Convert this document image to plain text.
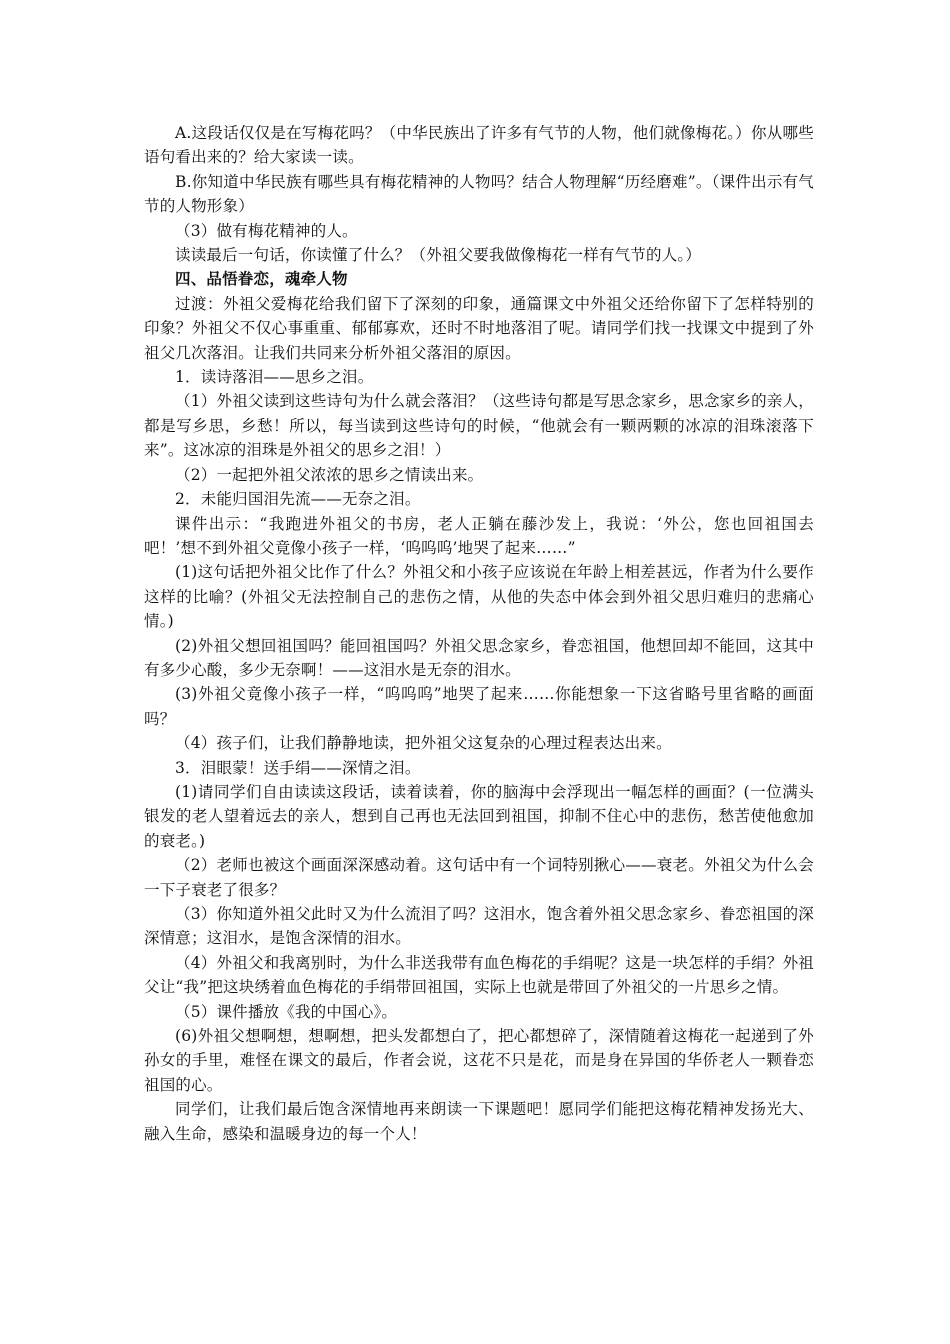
A.这段话仅仅是在写梅花吗？（中华民族出了许多有气节的人物，他们就像梅花。）你从哪些语句看出来的？给大家读一读。

B.你知道中华民族有哪些具有梅花精神的人物吗？结合人物理解“历经磨难”。（课件出示有气节的人物形象）

（3）做有梅花精神的人。

读读最后一句话，你读懂了什么？（外祖父要我做像梅花一样有气节的人。）

四、品悟眷恋，魂牵人物

过渡：外祖父爱梅花给我们留下了深刻的印象，通篇课文中外祖父还给你留下了怎样特别的印象？外祖父不仅心事重重、郁郁寡欢，还时不时地落泪了呢。请同学们找一找课文中提到了外祖父几次落泪。让我们共同来分析外祖父落泪的原因。

1．读诗落泪——思乡之泪。

（1）外祖父读到这些诗句为什么就会落泪？（这些诗句都是写思念家乡，思念家乡的亲人，都是写乡思，乡愁！所以，每当读到这些诗句的时候，“他就会有一颗两颗的冰凉的泪珠滚落下来”。这冰凉的泪珠是外祖父的思乡之泪！）

（2）一起把外祖父浓浓的思乡之情读出来。

2．未能归国泪先流——无奈之泪。

课件出示：“我跑进外祖父的书房，老人正躺在藤沙发上，我说：‘外公，您也回祖国去吧！’想不到外祖父竟像小孩子一样，‘呜呜呜’地哭了起来……”

(1)这句话把外祖父比作了什么？外祖父和小孩子应该说在年龄上相差甚远，作者为什么要作这样的比喻？(外祖父无法控制自己的悲伤之情，从他的失态中体会到外祖父思归难归的悲痛心情。)

(2)外祖父想回祖国吗？能回祖国吗？外祖父思念家乡，眷恋祖国，他想回却不能回，这其中有多少心酸，多少无奈啊！——这泪水是无奈的泪水。

(3)外祖父竟像小孩子一样，“呜呜呜”地哭了起来……你能想象一下这省略号里省略的画面吗？

（4）孩子们，让我们静静地读，把外祖父这复杂的心理过程表达出来。

3．泪眼蒙！送手绢——深情之泪。

(1)请同学们自由读读这段话，读着读着，你的脑海中会浮现出一幅怎样的画面？(一位满头银发的老人望着远去的亲人，想到自己再也无法回到祖国，抑制不住心中的悲伤，愁苦使他愈加的衰老。)

（2）老师也被这个画面深深感动着。这句话中有一个词特别揪心——衰老。外祖父为什么会一下子衰老了很多？

（3）你知道外祖父此时又为什么流泪了吗？这泪水，饱含着外祖父思念家乡、眷恋祖国的深深情意；这泪水，是饱含深情的泪水。

（4）外祖父和我离别时，为什么非送我带有血色梅花的手绢呢？这是一块怎样的手绢？外祖父让“我”把这块绣着血色梅花的手绢带回祖国，实际上也就是带回了外祖父的一片思乡之情。

（5）课件播放《我的中国心》。

(6)外祖父想啊想，想啊想，把头发都想白了，把心都想碎了，深情随着这梅花一起递到了外孙女的手里，难怪在课文的最后，作者会说，这花不只是花，而是身在异国的华侨老人一颗眷恋祖国的心。

同学们，让我们最后饱含深情地再来朗读一下课题吧！愿同学们能把这梅花精神发扬光大、融入生命，感染和温暖身边的每一个人！
